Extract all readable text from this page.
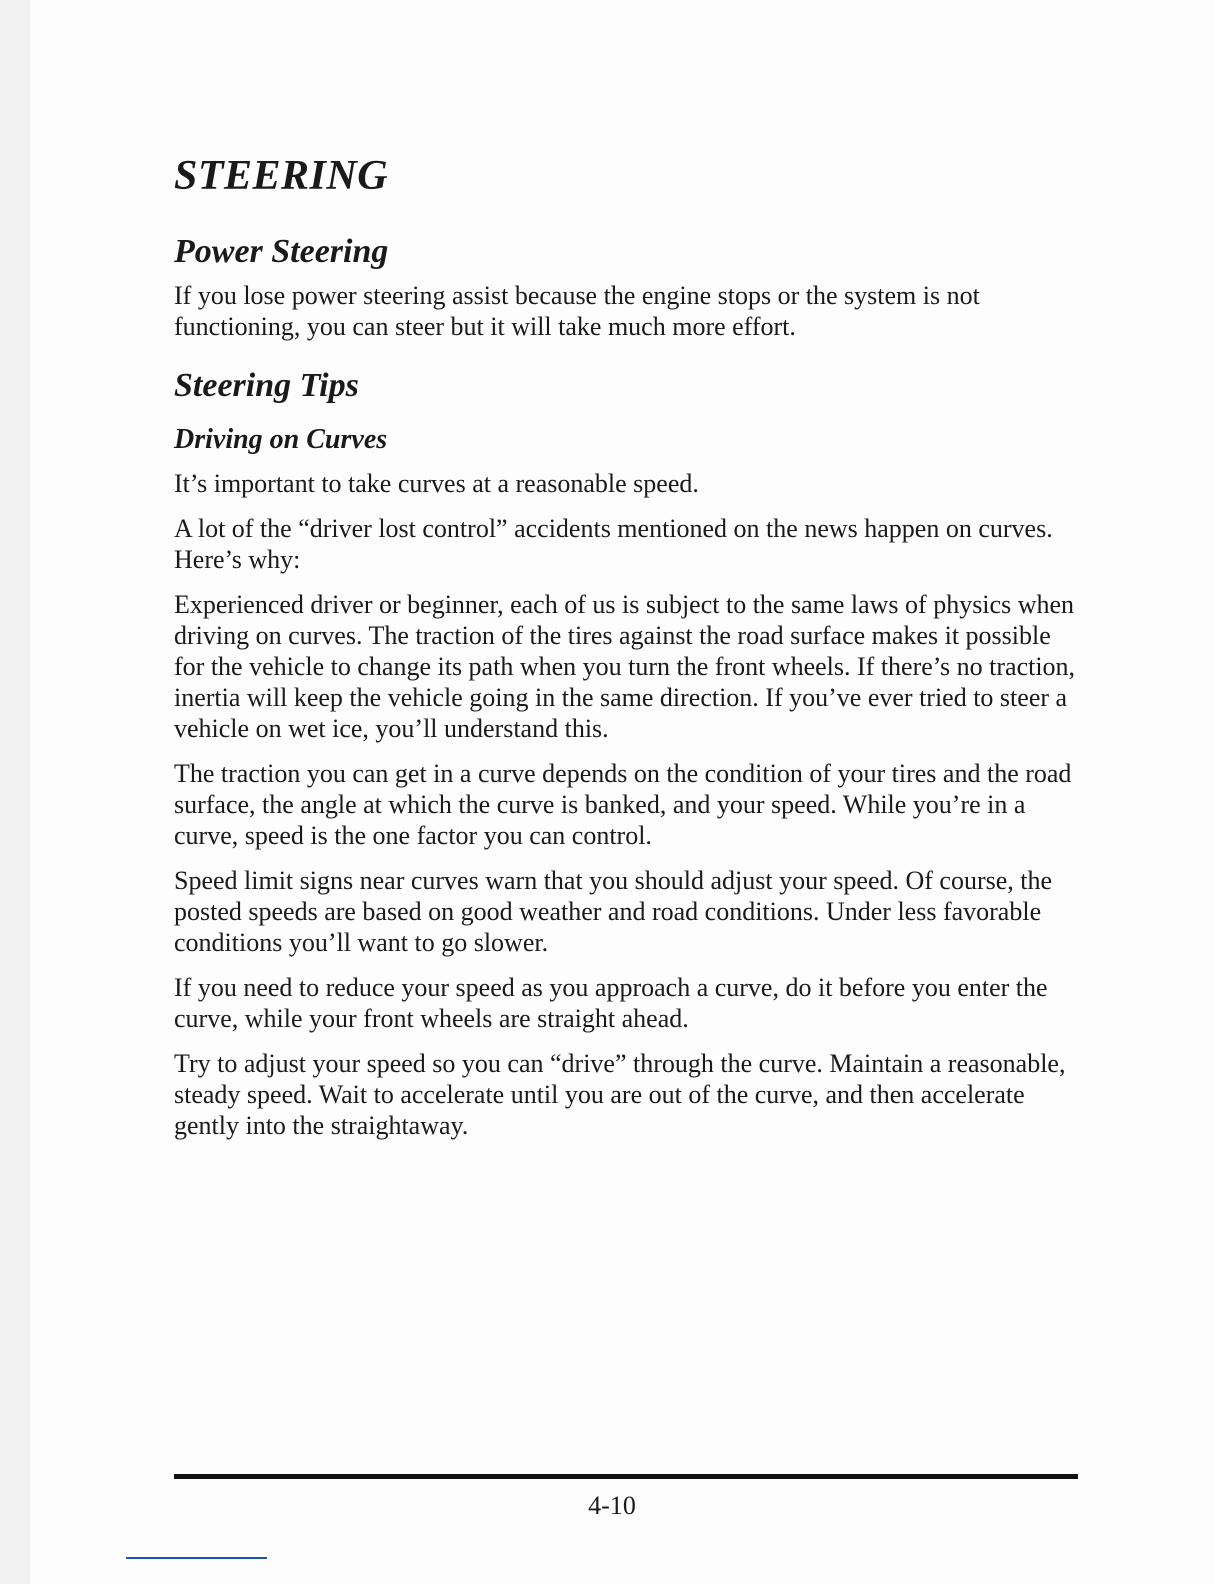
STEERING
Power Steering

If you lose power steering assist because the engine stops or the system is not functioning, you can steer but it will take much more effort.

Steering Tips
Driving on Curves

It’s important to take curves at a reasonable speed.

A lot of the “driver lost control” accidents mentioned on the news happen on curves. Here’s why:

Experienced driver or beginner, each of us is subject to the same laws of physics when driving on curves. The traction of the tires against the road surface makes it possible for the vehicle to change its path when you turn the front wheels. If there’s no traction, inertia will keep the vehicle going in the same direction. If you’ve ever tried to steer a vehicle on wet ice, you’ll understand this.

The traction you can get in a curve depends on the condition of your tires and the road surface, the angle at which the curve is banked, and your speed. While you’re in a curve, speed is the one factor you can control.

Speed limit signs near curves warn that you should adjust your speed. Of course, the posted speeds are based on good weather and road conditions. Under less favorable conditions you’ll want to go slower.

If you need to reduce your speed as you approach a curve, do it before you enter the curve, while your front wheels are straight ahead.

Try to adjust your speed so you can “drive” through the curve. Maintain a reasonable, steady speed. Wait to accelerate until you are out of the curve, and then accelerate gently into the straightaway.

4-10
